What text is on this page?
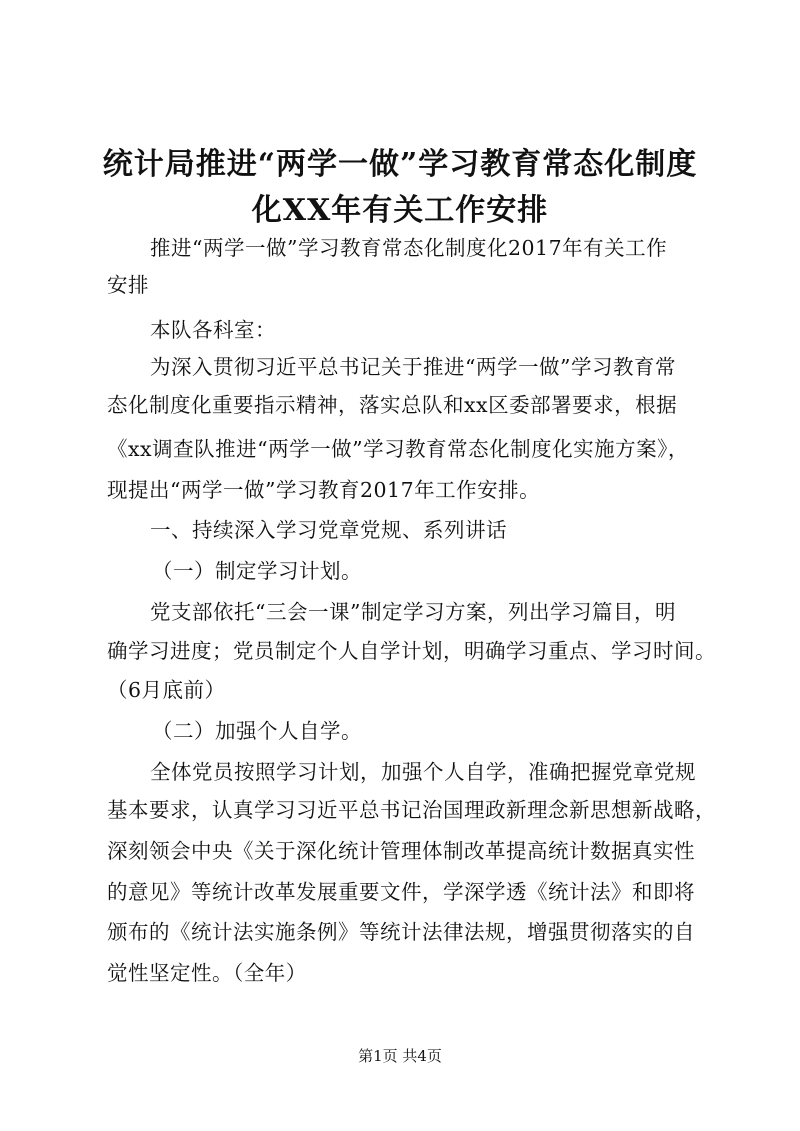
统计局推进“两学一做”学习教育常态化制度
化XX年有关工作安排
推进“两学一做”学习教育常态化制度化2017年有关工作
安排
本队各科室：
为深入贯彻习近平总书记关于推进“两学一做”学习教育常
态化制度化重要指示精神，落实总队和xx区委部署要求，根据
《xx调查队推进“两学一做”学习教育常态化制度化实施方案》，
现提出“两学一做”学习教育2017年工作安排。
一、持续深入学习党章党规、系列讲话
（一）制定学习计划。
党支部依托“三会一课”制定学习方案，列出学习篇目，明
确学习进度；党员制定个人自学计划，明确学习重点、学习时间。
（6月底前）
（二）加强个人自学。
全体党员按照学习计划，加强个人自学，准确把握党章党规
基本要求，认真学习习近平总书记治国理政新理念新思想新战略，
深刻领会中央《关于深化统计管理体制改革提高统计数据真实性
的意见》等统计改革发展重要文件，学深学透《统计法》和即将
颁布的《统计法实施条例》等统计法律法规，增强贯彻落实的自
觉性坚定性。（全年）
第1页 共4页
